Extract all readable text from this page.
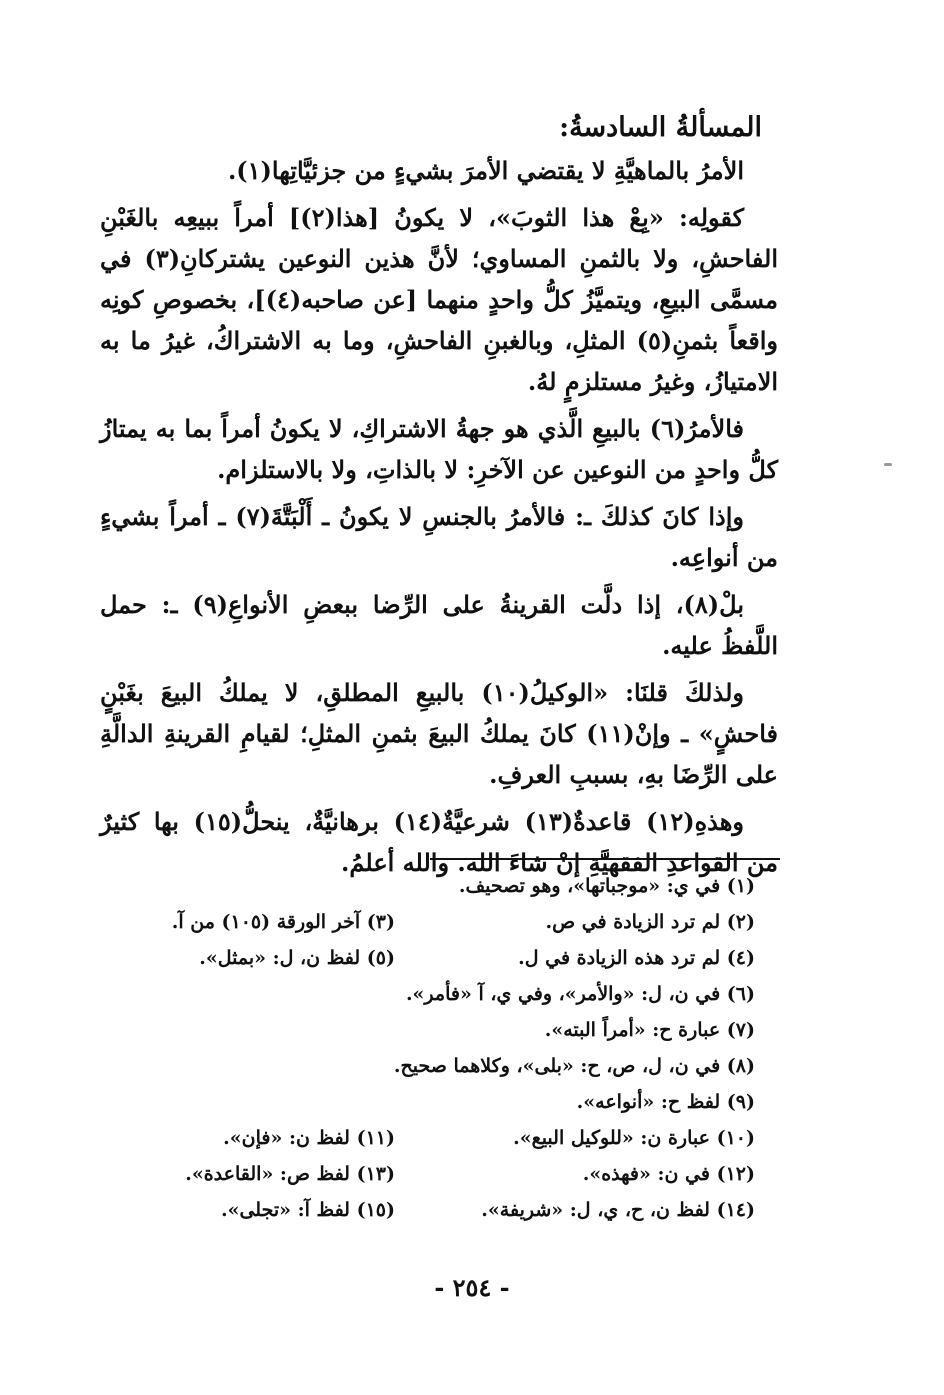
المسألةُ السادسةُ:

الأمرُ بالماهيَّةِ لا يقتضي الأمرَ بشيءٍ من جزئيَّاتِها(١).

كقولِه: «بِعْ هذا الثوبَ»، لا يكونُ [هذا(٢)] أمراً ببيعِه بالغَبْنِ الفاحشِ، ولا بالثمنِ المساوي؛ لأنَّ هذين النوعين يشتركانِ(٣) في مسمَّى البيعِ، ويتميَّزُ كلُّ واحدٍ منهما [عن صاحبه(٤)]، بخصوصِ كونِه واقعاً بثمنِ(٥) المثلِ، وبالغبنِ الفاحشِ، وما به الاشتراكُ، غيرُ ما به الامتيازُ، وغيرُ مستلزمٍ لهُ.

فالأمرُ(٦) بالبيعِ الَّذي هو جهةُ الاشتراكِ، لا يكونُ أمراً بما به يمتازُ كلُّ واحدٍ من النوعين عن الآخرِ: لا بالذاتِ، ولا بالاستلزام.

وإذا كانَ كذلكَ ـ: فالأمرُ بالجنسِ لا يكونُ ـ أَلْبَتَّةَ(٧) ـ أمراً بشيءٍ من أنواعِه.

بلْ(٨)، إذا دلَّت القرينةُ على الرِّضا ببعضِ الأنواعِ(٩) ـ: حمل اللَّفظُ عليه.

ولذلكَ قلنَا: «الوكيلُ(١٠) بالبيعِ المطلقِ، لا يملكُ البيعَ بغَبْنٍ فاحشٍ» ـ وإنْ(١١) كانَ يملكُ البيعَ بثمنِ المثلِ؛ لقيامِ القرينةِ الدالَّةِ على الرِّضَا بهِ، بسببِ العرفِ.

وهذهِ(١٢) قاعدةٌ(١٣) شرعيَّةٌ(١٤) برهانيَّةٌ، ينحلُّ(١٥) بها كثيرٌ من القواعدِ الفقهيَّةِ إنْ شاءَ الله. والله أعلمُ.

(١) في ي: «موجباتها»، وهو تصحيف.
(٢) لم ترد الزيادة في ص.
(٣) آخر الورقة (١٠٥) من آ.
(٤) لم ترد هذه الزيادة في ل.
(٥) لفظ ن، ل: «بمثل».
(٦) في ن، ل: «والأمر»، وفي ي، آ «فأمر».
(٧) عبارة ح: «أمراً البته».
(٨) في ن، ل، ص، ح: «بلى»، وكلاهما صحيح.
(٩) لفظ ح: «أنواعه».
(١٠) عبارة ن: «للوكيل البيع».
(١١) لفظ ن: «فإن».
(١٢) في ن: «فهذه».
(١٣) لفظ ص: «القاعدة».
(١٤) لفظ ن، ح، ي، ل: «شريفة».
(١٥) لفظ آ: «تجلى».
- ٢٥٤ -
